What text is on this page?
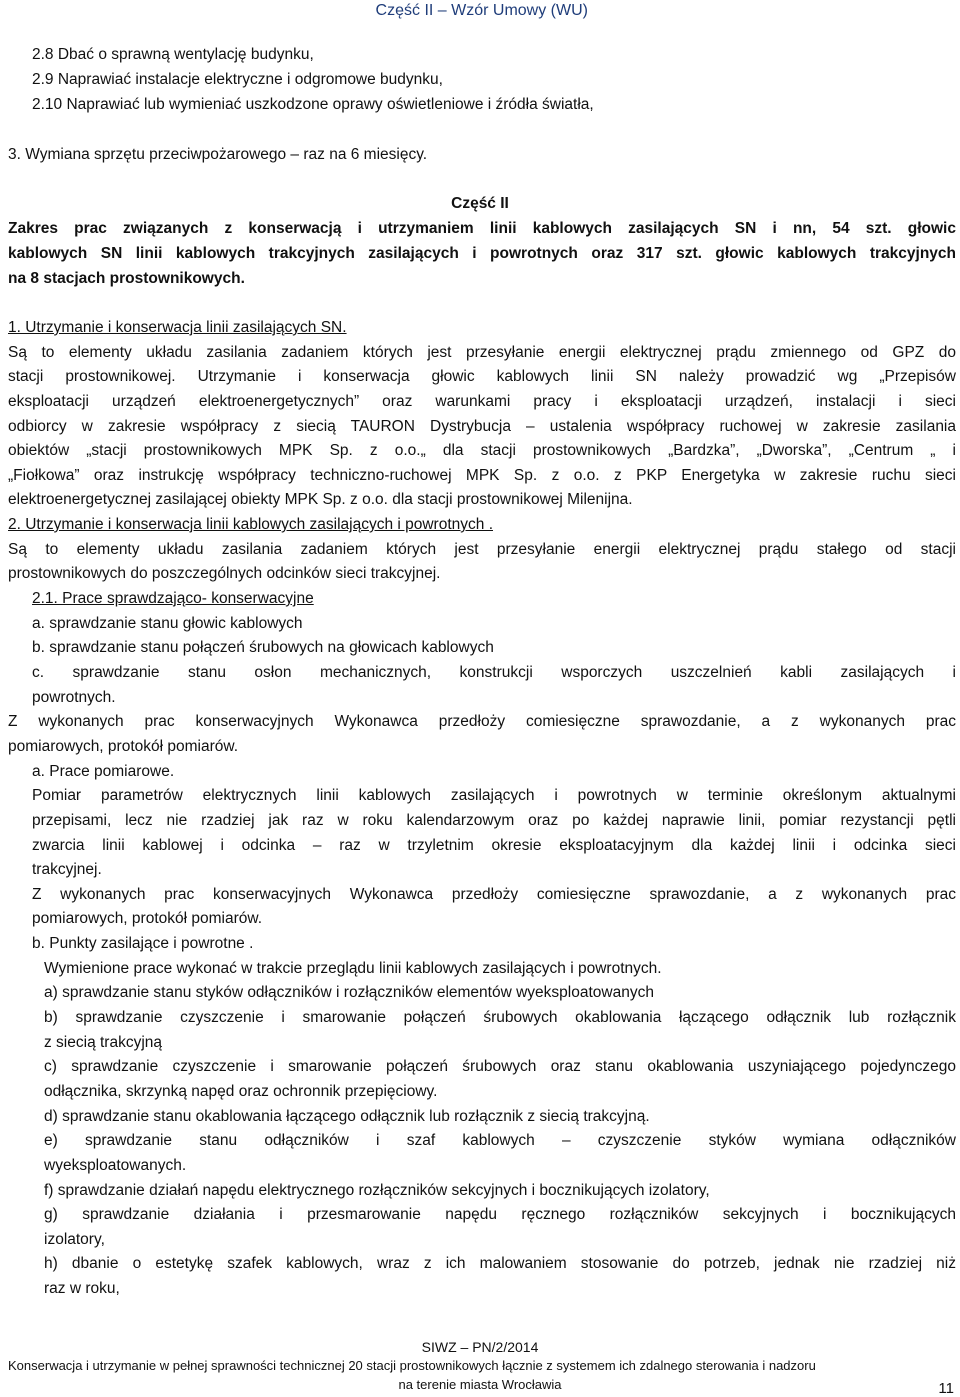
Część II – Wzór Umowy (WU)
2.8 Dbać o sprawną wentylację budynku,
2.9 Naprawiać instalacje elektryczne i odgromowe budynku,
2.10 Naprawiać lub wymieniać uszkodzone oprawy oświetleniowe i źródła światła,
3. Wymiana sprzętu przeciwpożarowego – raz na 6 miesięcy.
Część II
Zakres prac związanych z konserwacją i utrzymaniem linii kablowych zasilających SN i nn, 54 szt. głowic
kablowych SN linii kablowych trakcyjnych zasilających i powrotnych oraz 317 szt. głowic kablowych trakcyjnych
na 8 stacjach prostownikowych.
1. Utrzymanie i konserwacja linii zasilających SN.
Są to elementy układu zasilania zadaniem których jest przesyłanie energii elektrycznej prądu zmiennego od GPZ do
stacji prostownikowej. Utrzymanie i konserwacja głowic kablowych linii SN należy prowadzić wg „Przepisów
eksploatacji urządzeń elektroenergetycznych” oraz warunkami pracy i eksploatacji urządzeń, instalacji i sieci
odbiorcy w zakresie współpracy z siecią TAURON Dystrybucja – ustalenia współpracy ruchowej w zakresie zasilania
obiektów „stacji prostownikowych MPK Sp. z o.o.„ dla stacji prostownikowych „Bardzka”, „Dworska”, „Centrum „ i
„Fiołkowa” oraz instrukcję współpracy techniczno-ruchowej MPK Sp. z o.o. z PKP Energetyka w zakresie ruchu sieci
elektroenergetycznej zasilającej obiekty MPK Sp. z o.o. dla stacji prostownikowej Milenijna.
2. Utrzymanie i konserwacja linii kablowych zasilających i powrotnych .
Są to elementy układu zasilania zadaniem których jest przesyłanie energii elektrycznej prądu stałego od stacji
prostownikowych do poszczególnych odcinków sieci trakcyjnej.
2.1. Prace sprawdzająco- konserwacyjne
a. sprawdzanie stanu głowic kablowych
b. sprawdzanie stanu połączeń śrubowych na głowicach kablowych
c. sprawdzanie stanu osłon mechanicznych, konstrukcji wsporczych uszczelnień kabli zasilających i
powrotnych.
Z wykonanych prac konserwacyjnych Wykonawca przedłoży comiesięczne sprawozdanie, a z wykonanych prac
pomiarowych, protokół pomiarów.
a. Prace pomiarowe.
Pomiar parametrów elektrycznych linii kablowych zasilających i powrotnych w terminie określonym aktualnymi
przepisami, lecz nie rzadziej jak raz w roku kalendarzowym oraz po każdej naprawie linii, pomiar rezystancji pętli
zwarcia linii kablowej i odcinka – raz w trzyletnim okresie eksploatacyjnym dla każdej linii i odcinka sieci
trakcyjnej.
Z wykonanych prac konserwacyjnych Wykonawca przedłoży comiesięczne sprawozdanie, a z wykonanych prac
pomiarowych, protokół pomiarów.
b. Punkty zasilające i powrotne .
Wymienione prace wykonać w trakcie przeglądu linii kablowych zasilających i powrotnych.
a) sprawdzanie stanu styków odłączników i rozłączników elementów wyeksploatowanych
b) sprawdzanie czyszczenie i smarowanie połączeń śrubowych okablowania łączącego odłącznik lub rozłącznik
z siecią trakcyjną
c) sprawdzanie czyszczenie i smarowanie połączeń śrubowych oraz stanu okablowania uszyniającego pojedynczego
odłącznika, skrzynką napęd oraz ochronnik przepięciowy.
d) sprawdzanie stanu okablowania łączącego odłącznik lub rozłącznik z siecią trakcyjną.
e) sprawdzanie stanu odłączników i szaf kablowych – czyszczenie styków wymiana odłączników
wyeksploatowanych.
f) sprawdzanie działań napędu elektrycznego rozłączników sekcyjnych i bocznikujących izolatory,
g) sprawdzanie działania i przesmarowanie napędu ręcznego rozłączników sekcyjnych i bocznikujących
izolatory,
h) dbanie o estetykę szafek kablowych, wraz z ich malowaniem stosowanie do potrzeb, jednak nie rzadziej niż
raz w roku,
SIWZ – PN/2/2014
Konserwacja i utrzymanie w pełnej sprawności technicznej 20 stacji prostownikowych łącznie z systemem ich zdalnego sterowania i nadzoru
na terenie miasta Wrocławia	11
